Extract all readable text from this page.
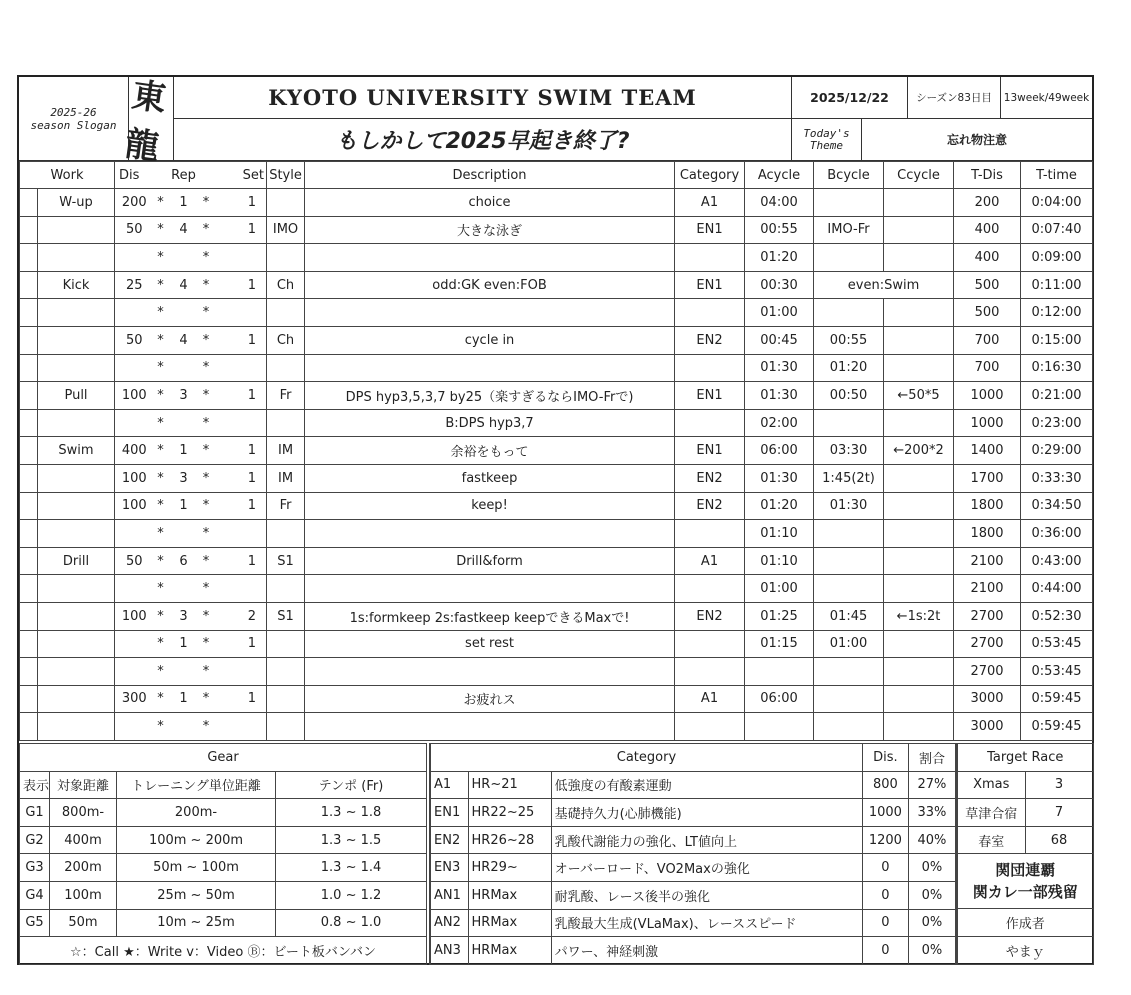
2025-26
season Slogan
東龍
KYOTO UNIVERSITY SWIM TEAM
もしかして2025早起き終了?
2025/12/22	シーズン83日目 13week/49week
Today's
Theme	忘れ物注意
Work		Dis		Rep		Set	Style	Description	Category	Acycle	Bcycle	Ccycle	T-Dis	T-time
	W-up	200	*	1	*	1		choice	A1	04:00			200	0:04:00
		50	*	4	*	1	IMO	大きな泳ぎ	EN1	00:55	IMO-Fr		400	0:07:40
			*		*					01:20			400	0:09:00
	Kick	25	*	4	*	1	Ch	odd:GK even:FOB	EN1	00:30	even:Swim		500	0:11:00
			*		*					01:00			500	0:12:00
		50	*	4	*	1	Ch	cycle in	EN2	00:45	00:55		700	0:15:00
			*		*					01:30	01:20		700	0:16:30
	Pull	100	*	3	*	1	Fr	DPS hyp3,5,3,7 by25（楽すぎるならIMO-Frで)	EN1	01:30	00:50	←50*5	1000	0:21:00
			*		*			B:DPS hyp3,7		02:00			1000	0:23:00
	Swim	400	*	1	*	1	IM	余裕をもって	EN1	06:00	03:30	←200*2	1400	0:29:00
		100	*	3	*	1	IM	fastkeep	EN2	01:30	1:45(2t)		1700	0:33:30
		100	*	1	*	1	Fr	keep!	EN2	01:20	01:30		1800	0:34:50
			*		*					01:10			1800	0:36:00
	Drill	50	*	6	*	1	S1	Drill&form	A1	01:10			2100	0:43:00
			*		*					01:00			2100	0:44:00
		100	*	3	*	2	S1	1s:formkeep 2s:fastkeep keepできるMaxで!	EN2	01:25	01:45	←1s:2t	2700	0:52:30
			*	1	*	1		set rest		01:15	01:00		2700	0:53:45
			*		*								2700	0:53:45
		300	*	1	*	1		お疲れス	A1	06:00			3000	0:59:45
			*		*								3000	0:59:45
Gear			
表示	対象距離	トレーニング単位距離	テンポ (Fr)
G1	800m-	200m-	1.3 ~ 1.8
G2	400m	100m ~ 200m	1.3 ~ 1.5
G3	200m	50m ~ 100m	1.3 ~ 1.4
G4	100m	25m ~ 50m	1.0 ~ 1.2
G5	50m	10m ~ 25m	0.8 ~ 1.0
☆：Call ★：Write v：Video Ⓑ：ビート板バンバン			
Category			Dis.	割合
A1	HR~21	低強度の有酸素運動	800	27%
EN1	HR22~25	基礎持久力(心肺機能)	1000	33%
EN2	HR26~28	乳酸代謝能力の強化、LT値向上	1200	40%
EN3	HR29~	オーバーロード、VO2Maxの強化	0	0%
AN1	HRMax	耐乳酸、レース後半の強化	0	0%
AN2	HRMax	乳酸最大生成(VLaMax)、レーススピード	0	0%
AN3	HRMax	パワー、神経刺激	0	0%
Target Race	
Xmas	3
草津合宿	7
春室	68

関団連覇
関カレ一部残留	

作成者	
やまｙ	
